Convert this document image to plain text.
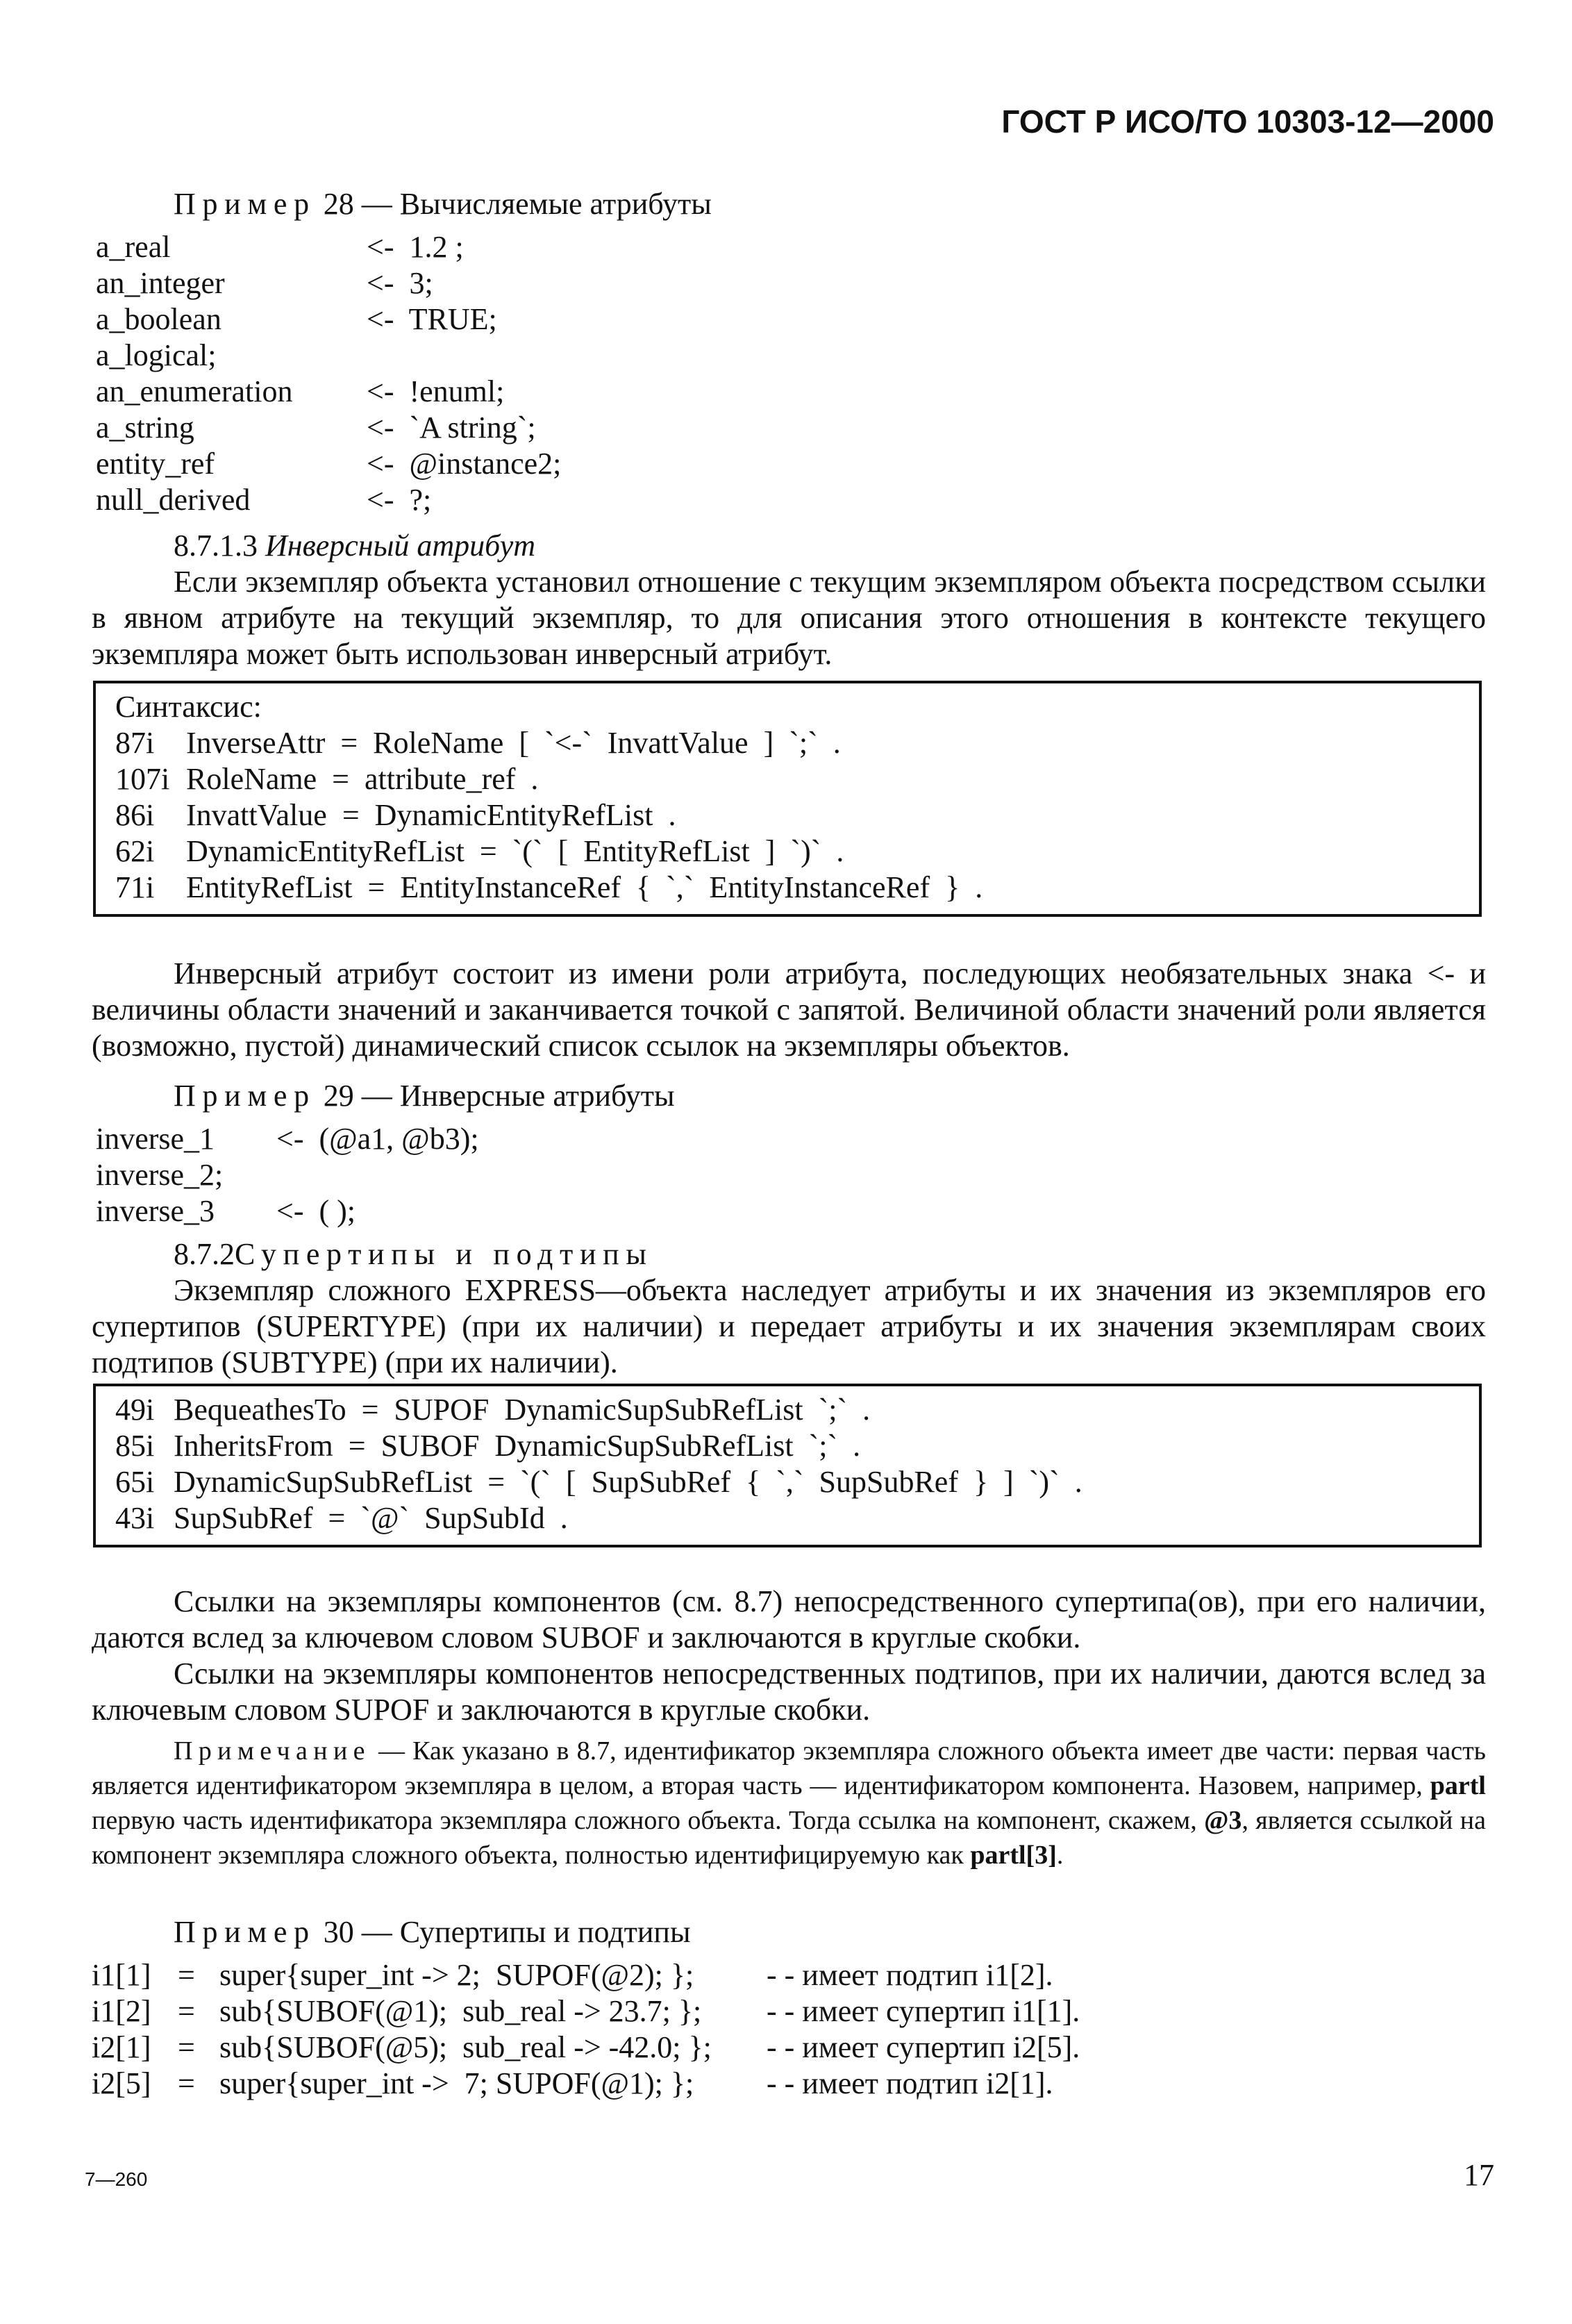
ГОСТ Р ИСО/ТО 10303-12—2000
Пример 28 — Вычисляемые атрибуты
a_real	<-  1.2 ;
an_integer	<-  3;
a_boolean	<-  TRUE;
a_logical;
an_enumeration <-  !enuml;
a_string	<-  `A string`;
entity_ref	<-  @instance2;
null_derived	<-  ?;
8.7.1.3 Инверсный атрибут
Если экземпляр объекта установил отношение с текущим экземпляром объекта посредством ссылки в явном атрибуте на текущий экземпляр, то для описания этого отношения в контексте текущего экземпляра может быть использован инверсный атрибут.
Синтаксис:
87i InverseAttr  =  RoleName  [  `<-`  InvattValue  ]  `;`  .
107i RoleName  =  attribute_ref  .
86i InvattValue  =  DynamicEntityRefList  .
62i DynamicEntityRefList  =  `(`  [  EntityRefList  ]  `)`  .
71i EntityRefList  =  EntityInstanceRef  {  `,`  EntityInstanceRef  }  .
Инверсный атрибут состоит из имени роли атрибута, последующих необязательных знака <- и величины области значений и заканчивается точкой с запятой. Величиной области значений роли является (возможно, пустой) динамический список ссылок на экземпляры объектов.
Пример 29 — Инверсные атрибуты
inverse_1 <-  (@a1, @b3);
inverse_2;
inverse_3 <-  ( );
8.7.2Супертипы и подтипы
Экземпляр сложного EXPRESS—объекта наследует атрибуты и их значения из экземпляров его супертипов (SUPERTYPE) (при их наличии) и передает атрибуты и их значения экземплярам своих подтипов (SUBTYPE) (при их наличии).
49i BequeathesTo  =  SUPOF  DynamicSupSubRefList  `;`  .
85i InheritsFrom  =  SUBOF  DynamicSupSubRefList  `;`  .
65i DynamicSupSubRefList  =  `(`  [  SupSubRef  {  `,`  SupSubRef  }  ]  `)`  .
43i SupSubRef  =  `@`  SupSubId  .
Ссылки на экземпляры компонентов (см. 8.7) непосредственного супертипа(ов), при его наличии, даются вслед за ключевом словом SUBOF и заключаются в круглые скобки.
Ссылки на экземпляры компонентов непосредственных подтипов, при их наличии, даются вслед за ключевым словом SUPOF и заключаются в круглые скобки.
Примечание — Как указано в 8.7, идентификатор экземпляра сложного объекта имеет две части: первая часть является идентификатором экземпляра в целом, а вторая часть — идентификатором компонента. Назовем, например, partl первую часть идентификатора экземпляра сложного объекта. Тогда ссылка на компонент, скажем, @3, является ссылкой на компонент экземпляра сложного объекта, полностью идентифицируемую как partl[3].
Пример 30 — Супертипы и подтипы
i1[1] = super{super_int -> 2;  SUPOF(@2); }; - - имеет подтип i1[2].
i1[2] = sub{SUBOF(@1);  sub_real -> 23.7; }; - - имеет супертип i1[1].
i2[1] = sub{SUBOF(@5);  sub_real -> -42.0; }; - - имеет супертип i2[5].
i2[5] = super{super_int ->  7; SUPOF(@1); }; - - имеет подтип i2[1].
7—260	17
